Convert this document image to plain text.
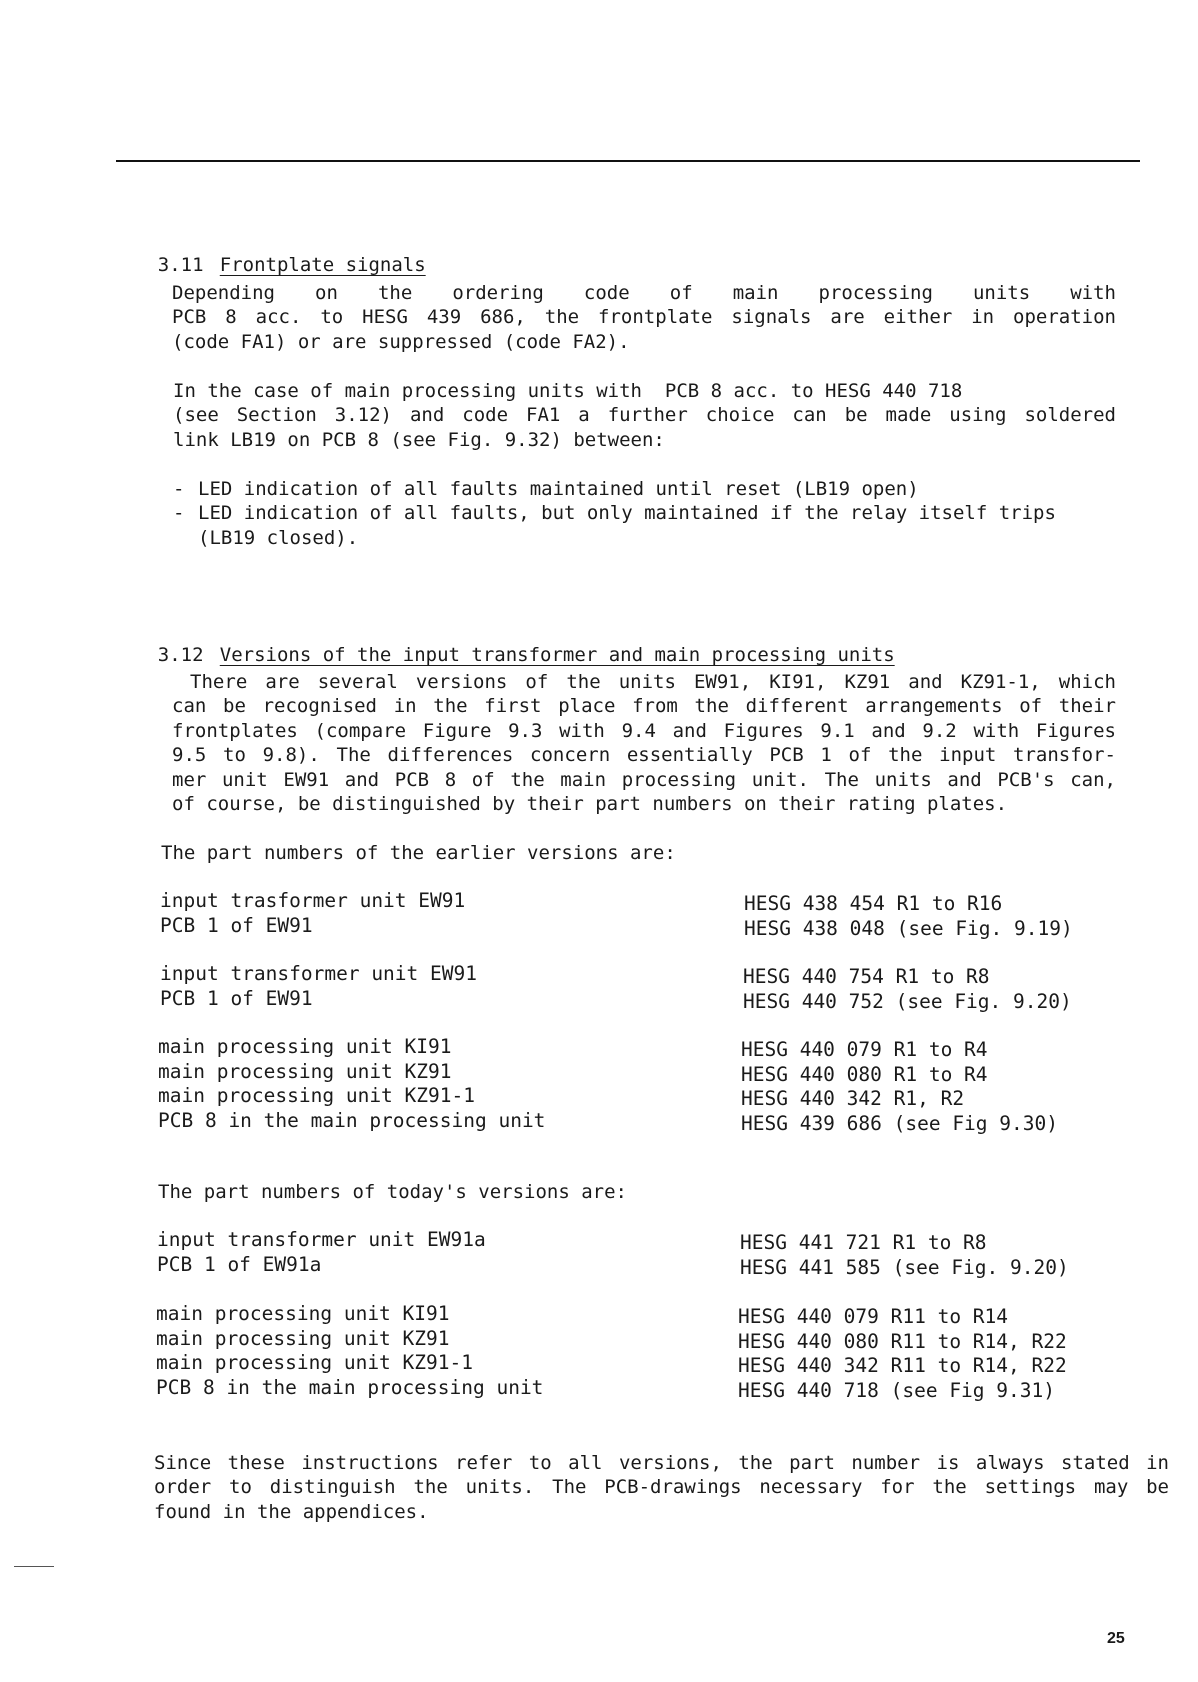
3.11 Frontplate signals

Depending on the ordering code of main processing units with
PCB 8 acc. to HESG 439 686, the frontplate signals are either in operation
(code FA1) or are suppressed (code FA2).
In the case of main processing units with  PCB 8 acc. to HESG 440 718
(see Section 3.12) and code FA1 a further choice can be made using soldered
link LB19 on PCB 8 (see Fig. 9.32) between:
- LED indication of all faults maintained until reset (LB19 open)
- LED indication of all faults, but only maintained if the relay itself trips
(LB19 closed).

3.12 Versions of the input transformer and main processing units

There are several versions of the units EW91, KI91, KZ91 and KZ91-1, which
can be recognised in the first place from the different arrangements of their
frontplates (compare Figure 9.3 with 9.4 and Figures 9.1 and 9.2 with Figures
9.5 to 9.8). The differences concern essentially PCB 1 of the input transfor-
mer unit EW91 and PCB 8 of the main processing unit. The units and PCB's can,
of course, be distinguished by their part numbers on their rating plates.
The part numbers of the earlier versions are:
input trasformer unit EW91	HESG 438 454 R1 to R16
PCB 1 of EW91	HESG 438 048 (see Fig. 9.19)
input transformer unit EW91	HESG 440 754 R1 to R8
PCB 1 of EW91	HESG 440 752 (see Fig. 9.20)
main processing unit KI91	HESG 440 079 R1 to R4
main processing unit KZ91	HESG 440 080 R1 to R4
main processing unit KZ91-1	HESG 440 342 R1, R2
PCB 8 in the main processing unit	HESG 439 686 (see Fig 9.30)
The part numbers of today's versions are:
input transformer unit EW91a	HESG 441 721 R1 to R8
PCB 1 of EW91a	HESG 441 585 (see Fig. 9.20)
main processing unit KI91	HESG 440 079 R11 to R14
main processing unit KZ91	HESG 440 080 R11 to R14, R22
main processing unit KZ91-1	HESG 440 342 R11 to R14, R22
PCB 8 in the main processing unit	HESG 440 718 (see Fig 9.31)
Since these instructions refer to all versions, the part number is always stated in
order to distinguish the units. The PCB-drawings necessary for the settings may be
found in the appendices.
25
